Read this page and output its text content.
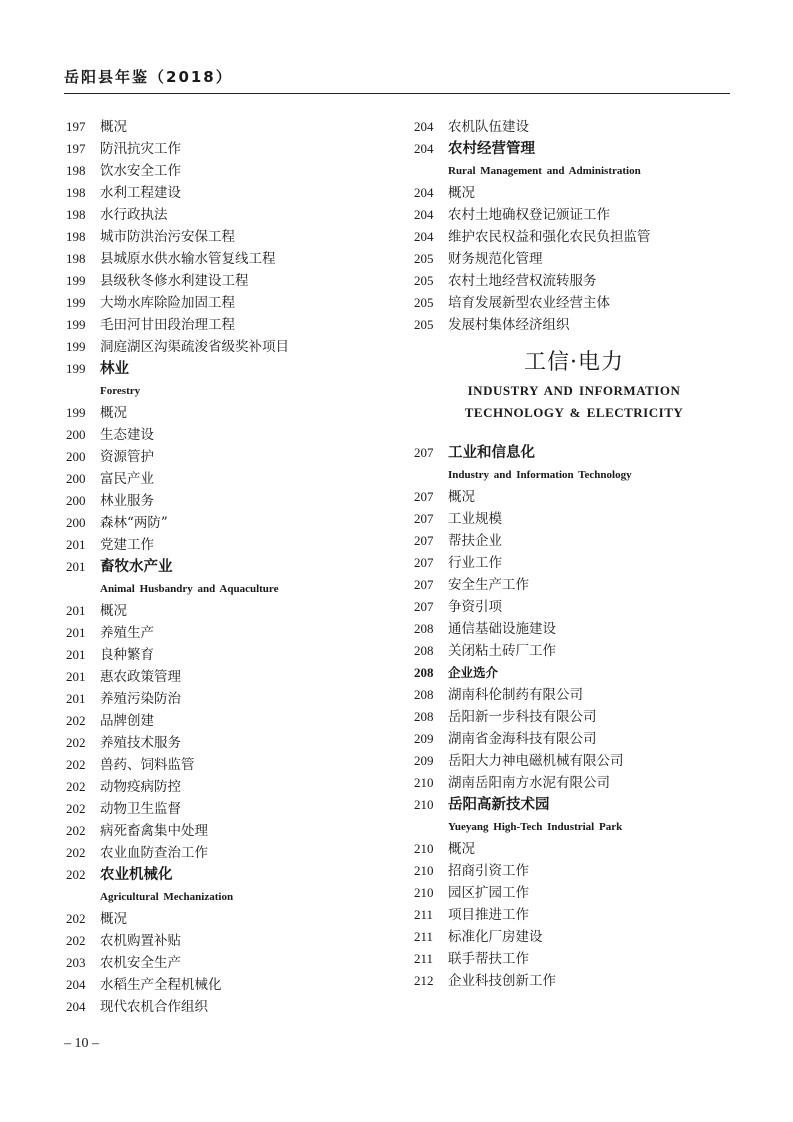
岳阳县年鉴（2018）
197	概况
197	防汛抗灾工作
198	饮水安全工作
198	水利工程建设
198	水行政执法
198	城市防洪治污安保工程
198	县城原水供水输水管复线工程
199	县级秋冬修水利建设工程
199	大坳水库除险加固工程
199	毛田河甘田段治理工程
199	洞庭湖区沟渠疏浚省级奖补项目
199	林业
Forestry
199	概况
200	生态建设
200	资源管护
200	富民产业
200	林业服务
200	森林“两防”
201	党建工作
201	畜牧水产业
Animal Husbandry and Aquaculture
201	概况
201	养殖生产
201	良种繁育
201	惠农政策管理
201	养殖污染防治
202	品牌创建
202	养殖技术服务
202	兽药、饲料监管
202	动物疫病防控
202	动物卫生监督
202	病死畜禽集中处理
202	农业血防查治工作
202	农业机械化
Agricultural Mechanization
202	概况
202	农机购置补贴
203	农机安全生产
204	水稻生产全程机械化
204	现代农机合作组织
204	农机队伍建设
204	农村经营管理
Rural Management and Administration
204	概况
204	农村土地确权登记颁证工作
204	维护农民权益和强化农民负担监管
205	财务规范化管理
205	农村土地经营权流转服务
205	培育发展新型农业经营主体
205	发展村集体经济组织
工信·电力
INDUSTRY AND INFORMATION
TECHNOLOGY & ELECTRICITY
207	工业和信息化
Industry and Information Technology
207	概况
207	工业规模
207	帮扶企业
207	行业工作
207	安全生产工作
207	争资引项
208	通信基础设施建设
208	关闭粘土砖厂工作
208	企业选介
208	湖南科伦制药有限公司
208	岳阳新一步科技有限公司
209	湖南省金海科技有限公司
209	岳阳大力神电磁机械有限公司
210	湖南岳阳南方水泥有限公司
210	岳阳高新技术园
Yueyang High-Tech Industrial Park
210	概况
210	招商引资工作
210	园区扩园工作
211	项目推进工作
211	标准化厂房建设
211	联手帮扶工作
212	企业科技创新工作
– 10 –
